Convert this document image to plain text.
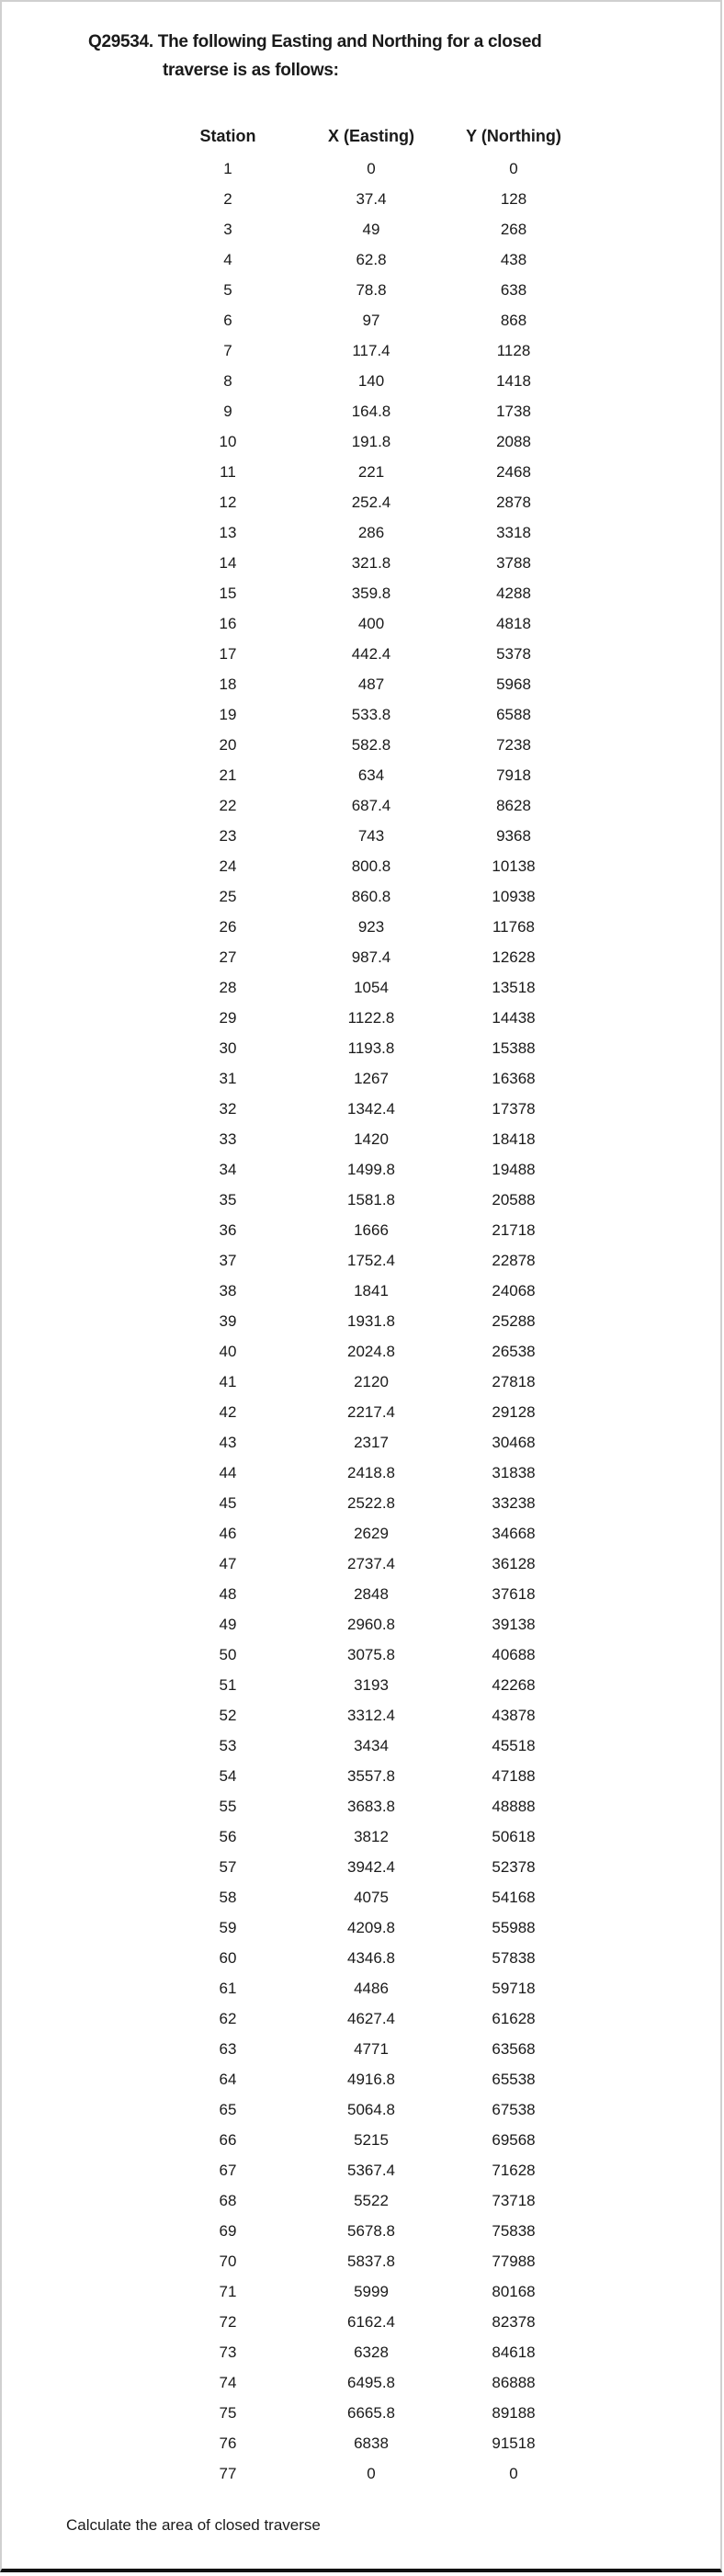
Q29534. The following Easting and Northing for a closed
traverse is as follows:
Station	X (Easting)	Y (Northing)
1	0	0
2	37.4	128
3	49	268
4	62.8	438
5	78.8	638
6	97	868
7	117.4	1128
8	140	1418
9	164.8	1738
10	191.8	2088
11	221	2468
12	252.4	2878
13	286	3318
14	321.8	3788
15	359.8	4288
16	400	4818
17	442.4	5378
18	487	5968
19	533.8	6588
20	582.8	7238
21	634	7918
22	687.4	8628
23	743	9368
24	800.8	10138
25	860.8	10938
26	923	11768
27	987.4	12628
28	1054	13518
29	1122.8	14438
30	1193.8	15388
31	1267	16368
32	1342.4	17378
33	1420	18418
34	1499.8	19488
35	1581.8	20588
36	1666	21718
37	1752.4	22878
38	1841	24068
39	1931.8	25288
40	2024.8	26538
41	2120	27818
42	2217.4	29128
43	2317	30468
44	2418.8	31838
45	2522.8	33238
46	2629	34668
47	2737.4	36128
48	2848	37618
49	2960.8	39138
50	3075.8	40688
51	3193	42268
52	3312.4	43878
53	3434	45518
54	3557.8	47188
55	3683.8	48888
56	3812	50618
57	3942.4	52378
58	4075	54168
59	4209.8	55988
60	4346.8	57838
61	4486	59718
62	4627.4	61628
63	4771	63568
64	4916.8	65538
65	5064.8	67538
66	5215	69568
67	5367.4	71628
68	5522	73718
69	5678.8	75838
70	5837.8	77988
71	5999	80168
72	6162.4	82378
73	6328	84618
74	6495.8	86888
75	6665.8	89188
76	6838	91518
77	0	0
Calculate the area of closed traverse
